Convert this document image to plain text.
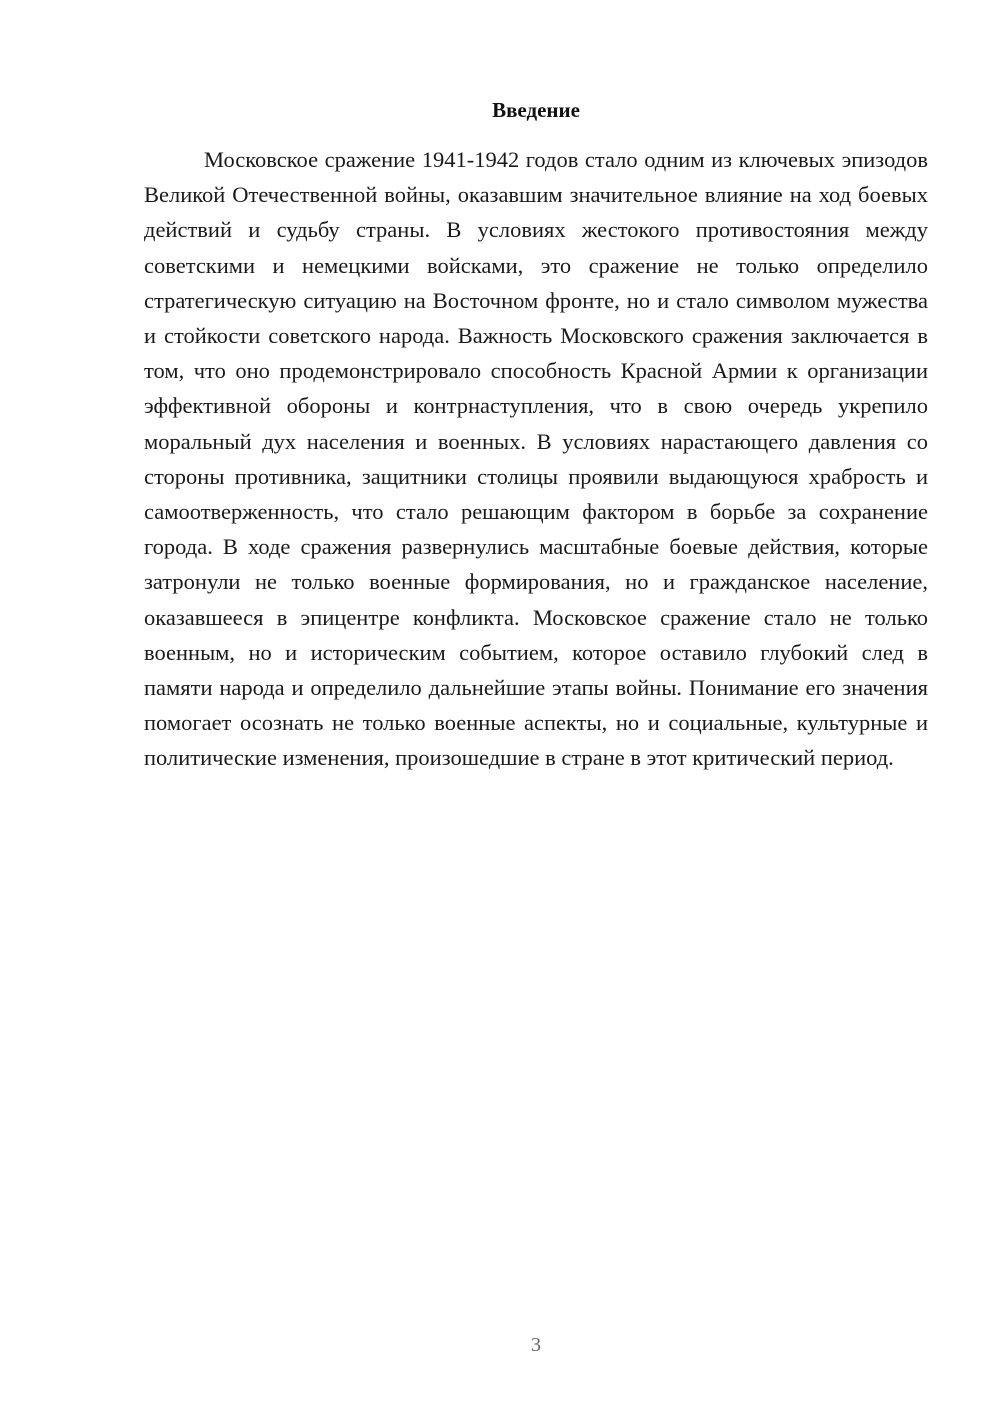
Введение

Московское сражение 1941-1942 годов стало одним из ключевых эпизодов Великой Отечественной войны, оказавшим значительное влияние на ход боевых действий и судьбу страны. В условиях жестокого противостояния между советскими и немецкими войсками, это сражение не только определило стратегическую ситуацию на Восточном фронте, но и стало символом мужества и стойкости советского народа. Важность Московского сражения заключается в том, что оно продемонстрировало способность Красной Армии к организации эффективной обороны и контрнаступления, что в свою очередь укрепило моральный дух населения и военных. В условиях нарастающего давления со стороны противника, защитники столицы проявили выдающуюся храбрость и самоотверженность, что стало решающим фактором в борьбе за сохранение города. В ходе сражения развернулись масштабные боевые действия, которые затронули не только военные формирования, но и гражданское население, оказавшееся в эпицентре конфликта. Московское сражение стало не только военным, но и историческим событием, которое оставило глубокий след в памяти народа и определило дальнейшие этапы войны. Понимание его значения помогает осознать не только военные аспекты, но и социальные, культурные и политические изменения, произошедшие в стране в этот критический период.

3
